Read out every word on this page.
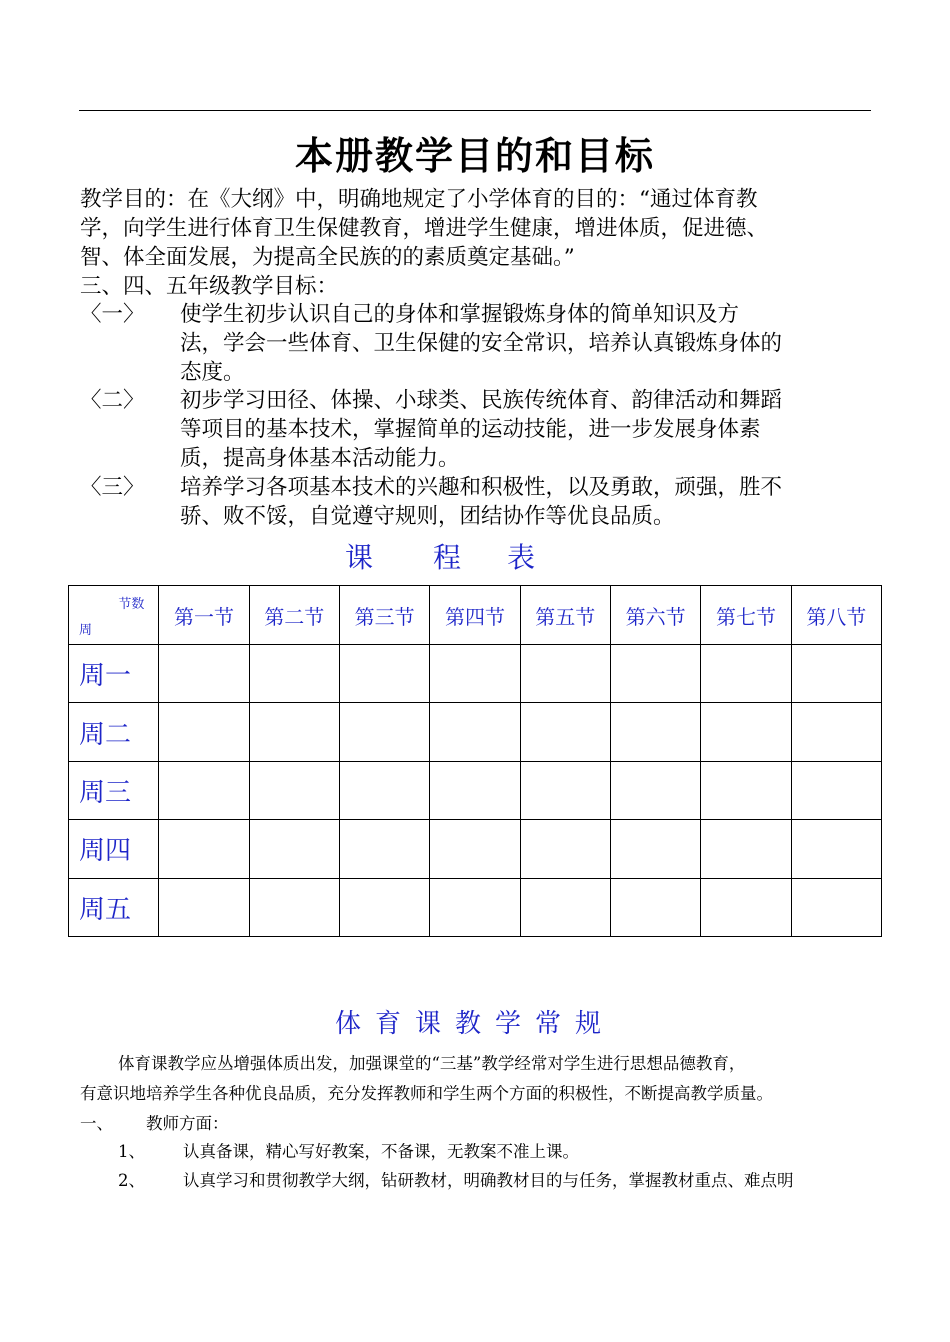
本册教学目的和目标
教学目的：在《大纲》中，明确地规定了小学体育的目的：“通过体育教
学，向学生进行体育卫生保健教育，增进学生健康，增进体质，促进德、
智、体全面发展，为提高全民族的的素质奠定基础。”
三、四、五年级教学目标：
〈一〉 使学生初步认识自己的身体和掌握锻炼身体的简单知识及方
法，学会一些体育、卫生保健的安全常识，培养认真锻炼身体的
态度。
〈二〉 初步学习田径、体操、小球类、民族传统体育、韵律活动和舞蹈
等项目的基本技术，掌握简单的运动技能，进一步发展身体素
质，提高身体基本活动能力。
〈三〉 培养学习各项基本技术的兴趣和积极性，以及勇敢，顽强，胜不
骄、败不馁，自觉遵守规则，团结协作等优良品质。
课 程 表
节数
周	第一节	第二节	第三节	第四节	第五节	第六节	第七节	第八节
周一								
周二								
周三								
周四								
周五								
体育课教学常规
体育课教学应丛增强体质出发，加强课堂的“三基”教学经常对学生进行思想品德教育，
有意识地培养学生各种优良品质，充分发挥教师和学生两个方面的积极性，不断提高教学质量。
一、 教师方面：
1、 认真备课，精心写好教案，不备课，无教案不准上课。
2、 认真学习和贯彻教学大纲，钻研教材，明确教材目的与任务，掌握教材重点、难点明
